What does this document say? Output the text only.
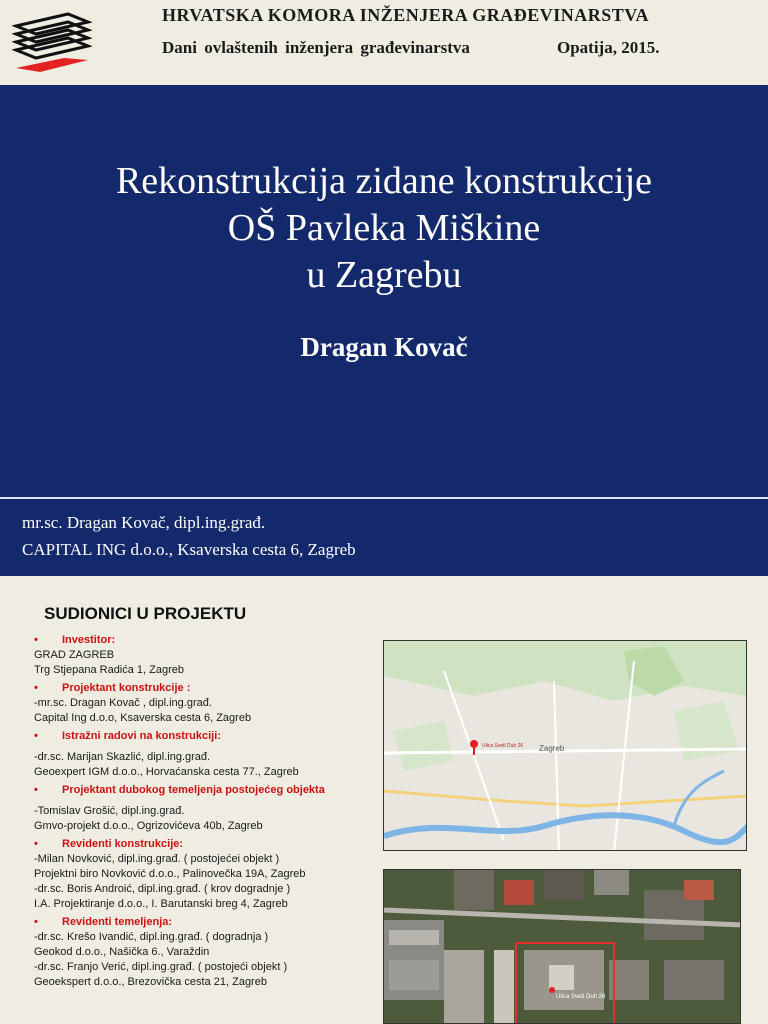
HRVATSKA KOMORA INŽENJERA GRAĐEVINARSTVA
Dani ovlaštenih inženjera građevinarstva	Opatija, 2015.
Rekonstrukcija zidane konstrukcije
OŠ Pavleka Miškine
u Zagrebu
Dragan Kovač
mr.sc. Dragan Kovač, dipl.ing.građ.
CAPITAL ING d.o.o., Ksaverska cesta 6, Zagreb
SUDIONICI U PROJEKTU
• Investitor:
GRAD ZAGREB
Trg Stjepana Radića 1, Zagreb
• Projektant konstrukcije :
-mr.sc. Dragan Kovač , dipl.ing.građ.
Capital Ing d.o.o, Ksaverska cesta 6, Zagreb
• Istražni radovi na konstrukciji:
-dr.sc. Marijan Skazlić, dipl.ing.građ.
Geoexpert IGM d.o.o., Horvaćanska cesta 77., Zagreb
• Projektant dubokog temeljenja postojećeg objekta
-Tomislav Grošić, dipl.ing.građ.
Gmvo-projekt d.o.o., Ogrizovićeva 40b, Zagreb
• Revidenti konstrukcije:
-Milan Novković, dipl.ing.građ. ( postojećei objekt )
Projektni biro Novković d.o.o., Palinovečka 19A, Zagreb
-dr.sc. Boris Androić, dipl.ing.građ. ( krov dogradnje )
I.A. Projektiranje d.o.o., I. Barutanski breg 4, Zagreb
• Revidenti temeljenja:
-dr.sc. Krešo Ivandić, dipl.ing.građ. ( dogradnja )
Geokod d.o.o., Našička 6., Varaždin
-dr.sc. Franjo Verić, dipl.ing.građ. ( postojeći objekt )
Geoekspert d.o.o., Brezovička cesta 21, Zagreb
Ulica Svetl Duh 26 Zagreb
Ulica Sveti Duh 26
